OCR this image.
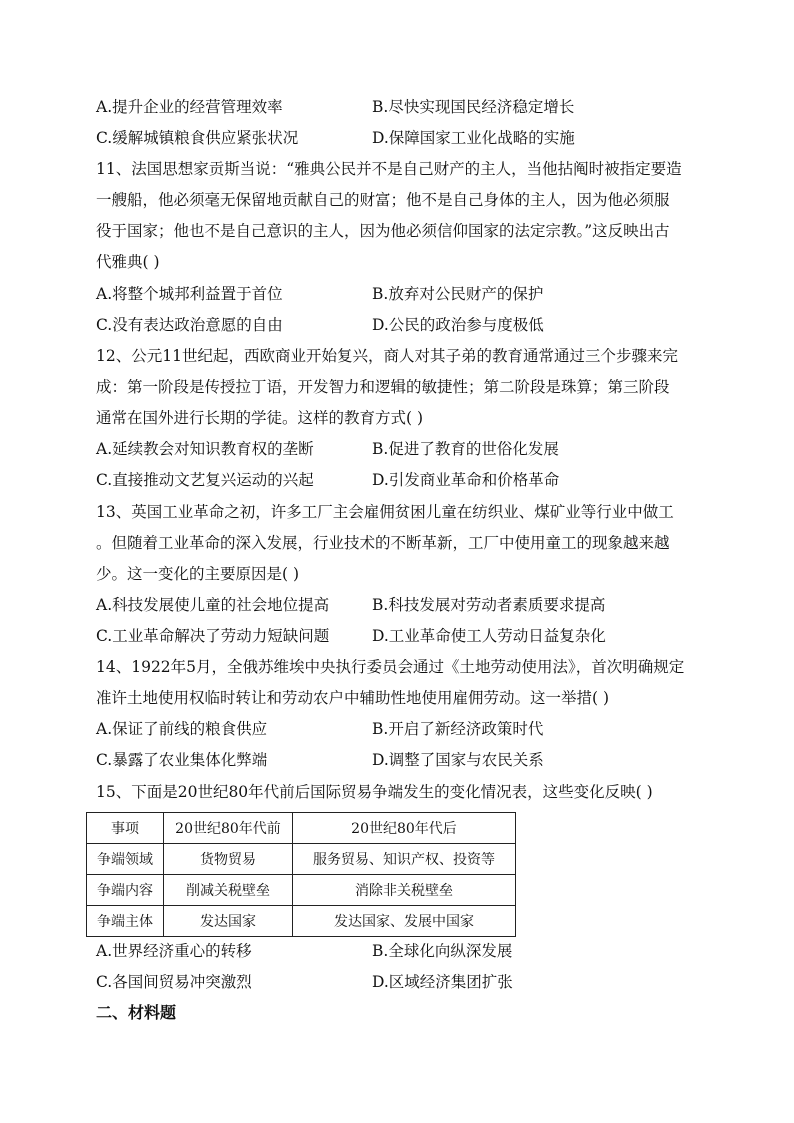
A.提升企业的经营管理效率	B.尽快实现国民经济稳定增长
C.缓解城镇粮食供应紧张状况	D.保障国家工业化战略的实施
11、法国思想家贡斯当说：“雅典公民并不是自己财产的主人，当他拈阄时被指定要造
一艘船，他必须毫无保留地贡献自己的财富；他不是自己身体的主人，因为他必须服
役于国家；他也不是自己意识的主人，因为他必须信仰国家的法定宗教。”这反映出古
代雅典( )
A.将整个城邦利益置于首位	B.放弃对公民财产的保护
C.没有表达政治意愿的自由	D.公民的政治参与度极低
12、公元11世纪起，西欧商业开始复兴，商人对其子弟的教育通常通过三个步骤来完
成：第一阶段是传授拉丁语，开发智力和逻辑的敏捷性；第二阶段是珠算；第三阶段
通常在国外进行长期的学徒。这样的教育方式( )
A.延续教会对知识教育权的垄断	B.促进了教育的世俗化发展
C.直接推动文艺复兴运动的兴起	D.引发商业革命和价格革命
13、英国工业革命之初，许多工厂主会雇佣贫困儿童在纺织业、煤矿业等行业中做工
。但随着工业革命的深入发展，行业技术的不断革新，工厂中使用童工的现象越来越
少。这一变化的主要原因是( )
A.科技发展使儿童的社会地位提高	B.科技发展对劳动者素质要求提高
C.工业革命解决了劳动力短缺问题	D.工业革命使工人劳动日益复杂化
14、1922年5月，全俄苏维埃中央执行委员会通过《土地劳动使用法》，首次明确规定
准许土地使用权临时转让和劳动农户中辅助性地使用雇佣劳动。这一举措( )
A.保证了前线的粮食供应	B.开启了新经济政策时代
C.暴露了农业集体化弊端	D.调整了国家与农民关系
15、下面是20世纪80年代前后国际贸易争端发生的变化情况表，这些变化反映( )
事项	20世纪80年代前	20世纪80年代后
争端领域	货物贸易	服务贸易、知识产权、投资等
争端内容	削减关税壁垒	消除非关税壁垒
争端主体	发达国家	发达国家、发展中国家
A.世界经济重心的转移	B.全球化向纵深发展
C.各国间贸易冲突激烈	D.区域经济集团扩张
二、材料题
